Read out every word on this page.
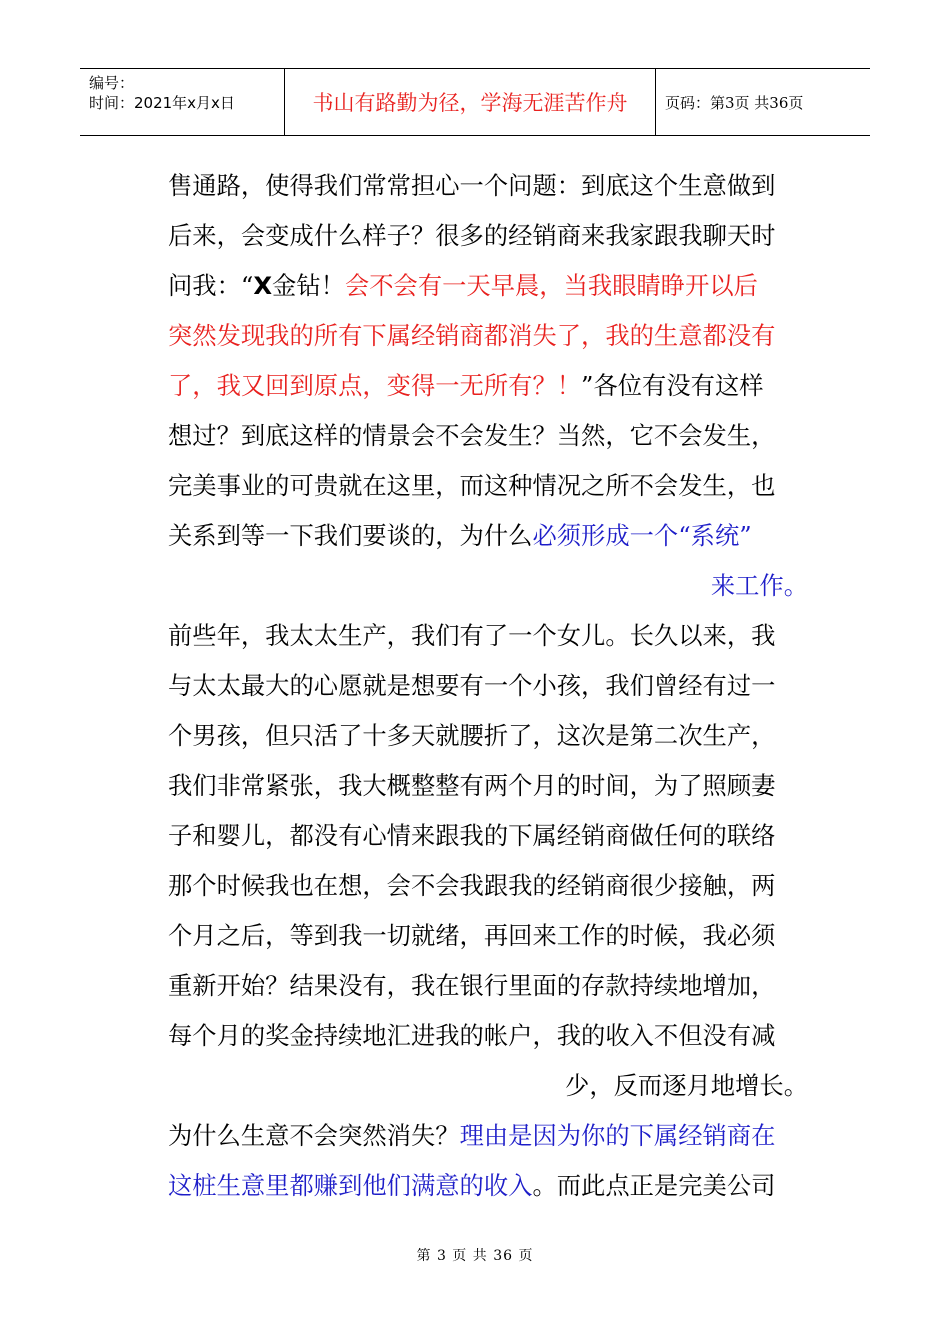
编号：
时间：2021年x月x日	书山有路勤为径，学海无涯苦作舟	页码：第3页 共36页
售通路，使得我们常常担心一个问题：到底这个生意做到
后来，会变成什么样子？很多的经销商来我家跟我聊天时
问我：“X金钻！会不会有一天早晨，当我眼睛睁开以后
突然发现我的所有下属经销商都消失了，我的生意都没有
了，我又回到原点，变得一无所有？！”各位有没有这样
想过？到底这样的情景会不会发生？当然，它不会发生，
完美事业的可贵就在这里，而这种情况之所不会发生，也
关系到等一下我们要谈的，为什么必须形成一个“系统”
来工作。
前些年，我太太生产，我们有了一个女儿。长久以来，我
与太太最大的心愿就是想要有一个小孩，我们曾经有过一
个男孩，但只活了十多天就腰折了，这次是第二次生产，
我们非常紧张，我大概整整有两个月的时间，为了照顾妻
子和婴儿，都没有心情来跟我的下属经销商做任何的联络
那个时候我也在想，会不会我跟我的经销商很少接触，两
个月之后，等到我一切就绪，再回来工作的时候，我必须
重新开始？结果没有，我在银行里面的存款持续地增加，
每个月的奖金持续地汇进我的帐户，我的收入不但没有减
少，反而逐月地增长。
为什么生意不会突然消失？理由是因为你的下属经销商在
这桩生意里都赚到他们满意的收入。而此点正是完美公司
第 3 页 共 36 页
